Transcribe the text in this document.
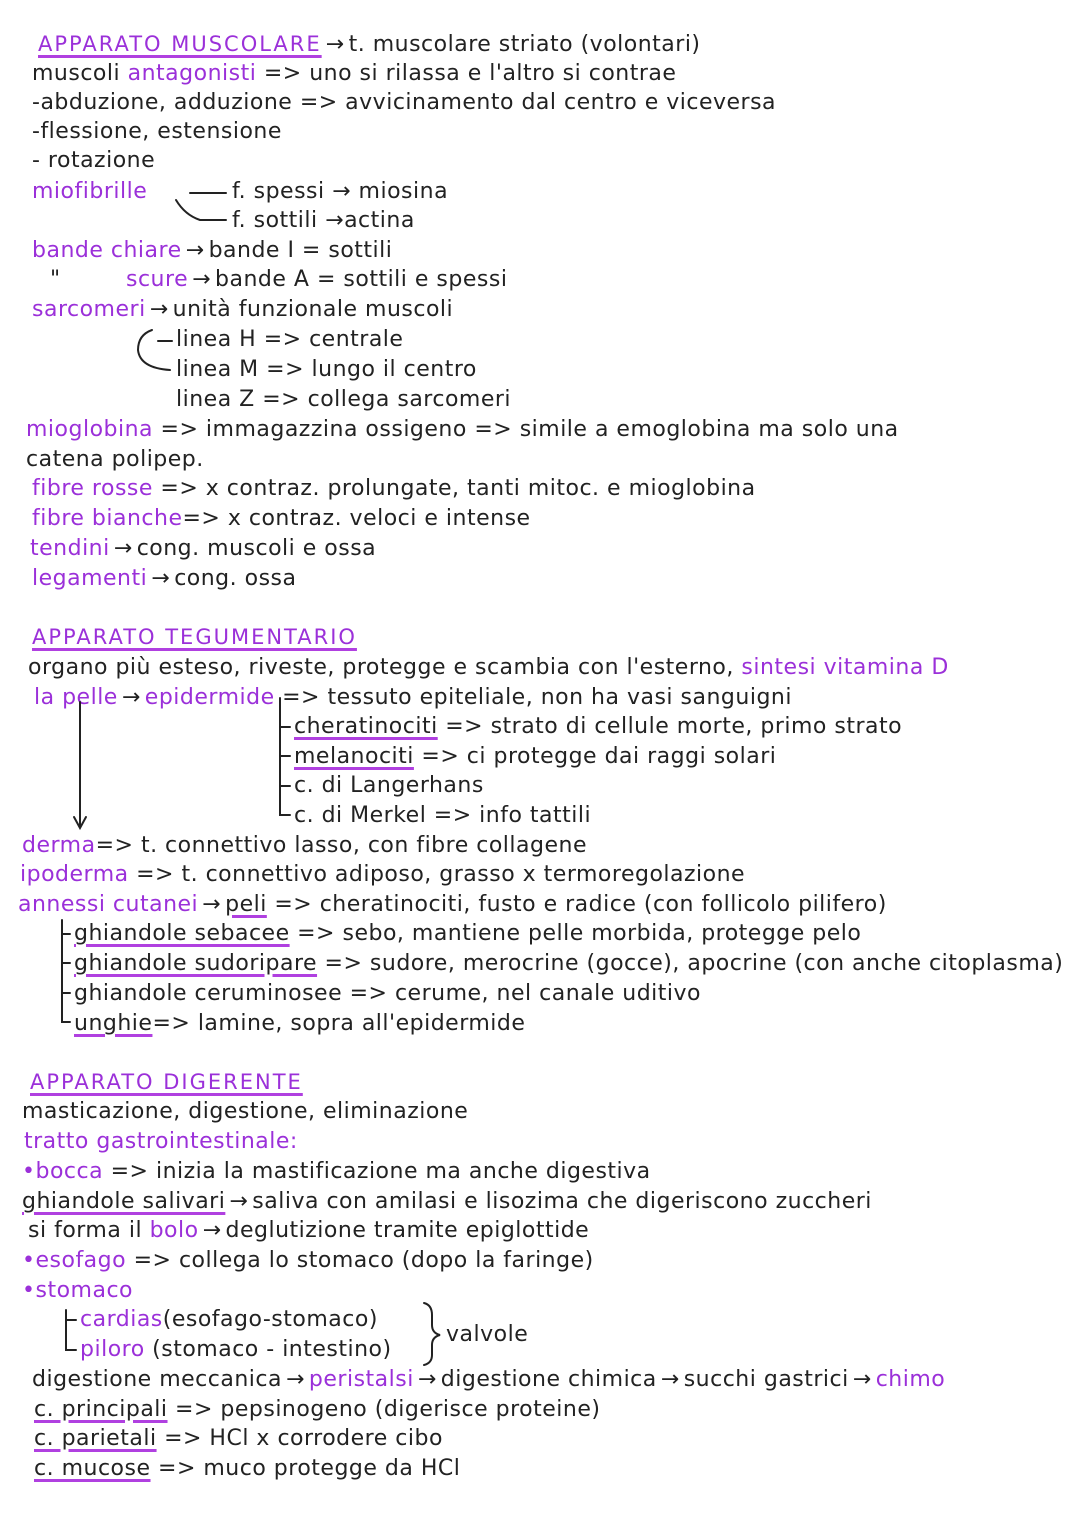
APPARATO MUSCOLARE → t. muscolare striato (volontari)
muscoli antagonisti => uno si rilassa e l'altro si contrae
-abduzione, adduzione => avvicinamento dal centro e viceversa
-flessione, estensione
- rotazione
miofibrille	f. spessi → miosina
f. sottili →actina
bande chiare → bande I = sottili
"	scure → bande A = sottili e spessi
sarcomeri → unità funzionale muscoli
linea H => centrale
linea M => lungo il centro
linea Z => collega sarcomeri
mioglobina => immagazzina ossigeno => simile a emoglobina ma solo una
catena polipep.
fibre rosse => x contraz. prolungate, tanti mitoc. e mioglobina
fibre bianche=> x contraz. veloci e intense
tendini → cong. muscoli e ossa
legamenti → cong. ossa
APPARATO TEGUMENTARIO
organo più esteso, riveste, protegge e scambia con l'esterno, sintesi vitamina D
la pelle → epidermide => tessuto epiteliale, non ha vasi sanguigni
cheratinociti => strato di cellule morte, primo strato
melanociti => ci protegge dai raggi solari
c. di Langerhans
c. di Merkel => info tattili
derma=> t. connettivo lasso, con fibre collagene
ipoderma => t. connettivo adiposo, grasso x termoregolazione
annessi cutanei → peli => cheratinociti, fusto e radice (con follicolo pilifero)
ghiandole sebacee => sebo, mantiene pelle morbida, protegge pelo
ghiandole sudoripare => sudore, merocrine (gocce), apocrine (con anche citoplasma)
ghiandole ceruminosee => cerume, nel canale uditivo
unghie=> lamine, sopra all'epidermide
APPARATO DIGERENTE
masticazione, digestione, eliminazione
tratto gastrointestinale:
•bocca => inizia la mastificazione ma anche digestiva
ghiandole salivari → saliva con amilasi e lisozima che digeriscono zuccheri
si forma il bolo → deglutizione tramite epiglottide
•esofago => collega lo stomaco (dopo la faringe)
•stomaco
cardias(esofago-stomaco)
piloro (stomaco - intestino)
valvole
digestione meccanica → peristalsi → digestione chimica → succhi gastrici → chimo
c. principali => pepsinogeno (digerisce proteine)
c. parietali => HCl x corrodere cibo
c. mucose => muco protegge da HCl
